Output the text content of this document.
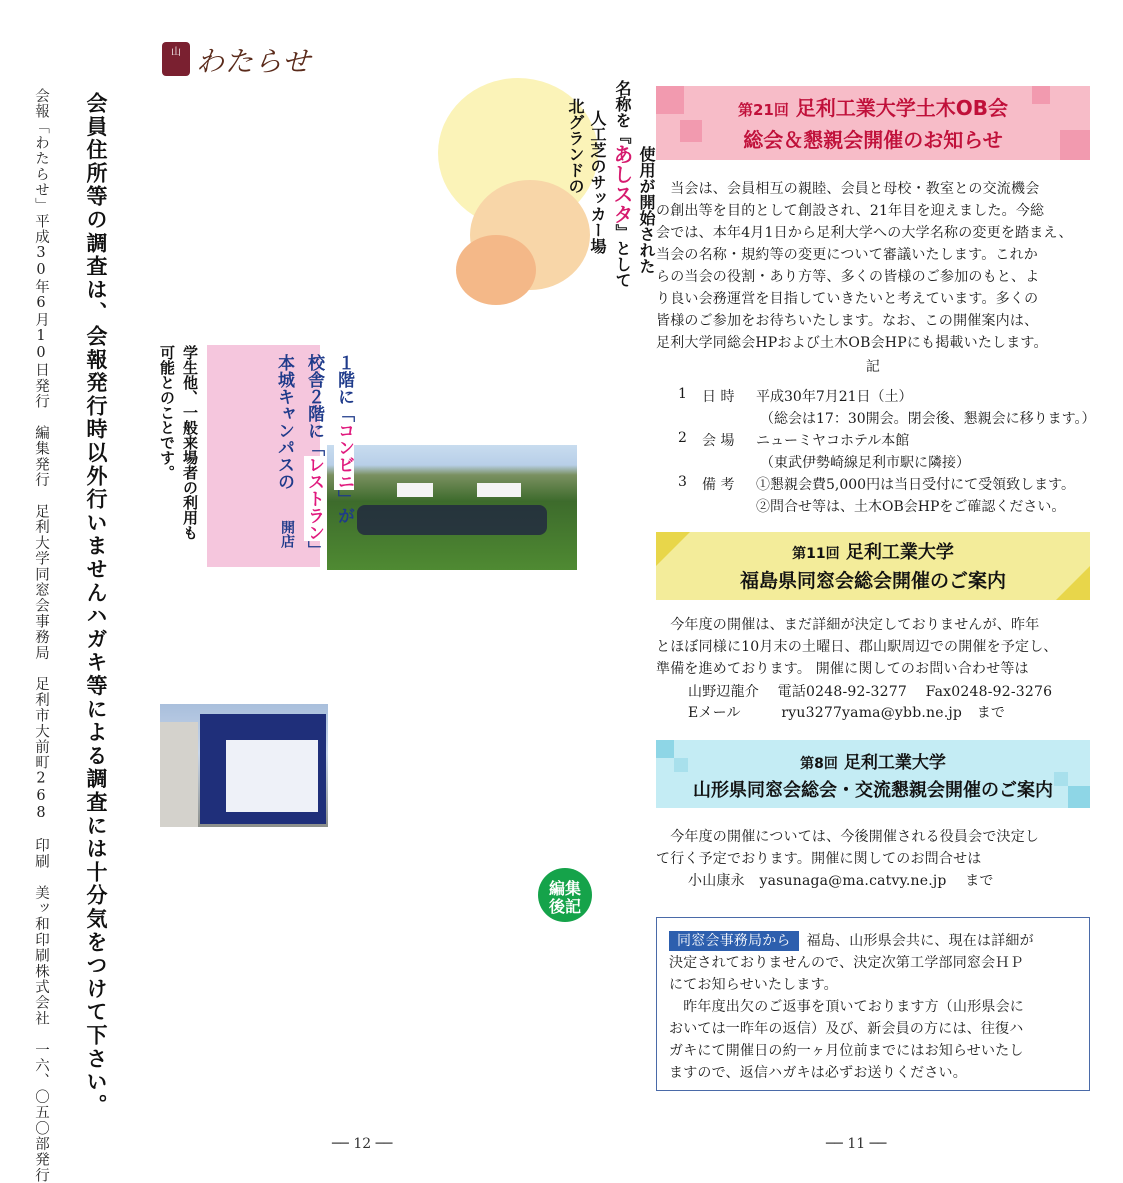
会報「わたらせ」平成30年6月10日発行　編集発行　足利大学同窓会事務局　足利市大前町268　印刷　美ッ和印刷株式会社　一六、〇五〇部発行 会員住所等の調査は、会報発行時以外行いませんハガキ等による調査には十分気をつけて下さい。
山 わたらせ
北グランドの 人工芝のサッカー場 名称を『あしスタ』として 使用が開始された
本城キャンパスの 校舎２階に「レストラン」
１階に「コンビニ」が
開店
学生他、一般来場者の利用も
可能とのことです。
編集
後記
── 12 ──
第21回 足利工業大学土木OB会
総会＆懇親会開催のお知らせ
　当会は、会員相互の親睦、会員と母校・教室との交流機会
の創出等を目的として創設され、21年目を迎えました。今総
会では、本年4月1日から足利大学への大学名称の変更を踏まえ、
当会の名称・規約等の変更について審議いたします。これか
らの当会の役割・あり方等、多くの皆様のご参加のもと、よ
り良い会務運営を目指していきたいと考えています。多くの
皆様のご参加をお待ちいたします。なお、この開催案内は、
足利大学同総会HPおよび土木OB会HPにも掲載いたします。
記
1 日 時 平成30年7月21日（土）
（総会は17：30開会。閉会後、懇親会に移ります。）
2 会 場 ニューミヤコホテル本館
（東武伊勢崎線足利市駅に隣接）
3 備 考 ①懇親会費5,000円は当日受付にて受領致します。
②問合せ等は、土木OB会HPをご確認ください。
第11回 足利工業大学
福島県同窓会総会開催のご案内
　今年度の開催は、まだ詳細が決定しておりませんが、昨年
とほぼ同様に10月末の土曜日、郡山駅周辺での開催を予定し、
準備を進めております。 開催に関してのお問い合わせ等は
山野辺龍介 電話0248-92-3277 Fax0248-92-3276
Eメール	ryu3277yama@ybb.ne.jp まで
第8回 足利工業大学
山形県同窓会総会・交流懇親会開催のご案内
　今年度の開催については、今後開催される役員会で決定し
て行く予定でおります。開催に関してのお問合せは
小山康永 yasunaga@ma.catvy.ne.jp まで
同窓会事務局から 福島、山形県会共に、現在は詳細が
決定されておりませんので、決定次第工学部同窓会ＨＰ
にてお知らせいたします。
　昨年度出欠のご返事を頂いております方（山形県会に
おいては一昨年の返信）及び、新会員の方には、往復ハ
ガキにて開催日の約一ヶ月位前までにはお知らせいたし
ますので、返信ハガキは必ずお送りください。
── 11 ──
